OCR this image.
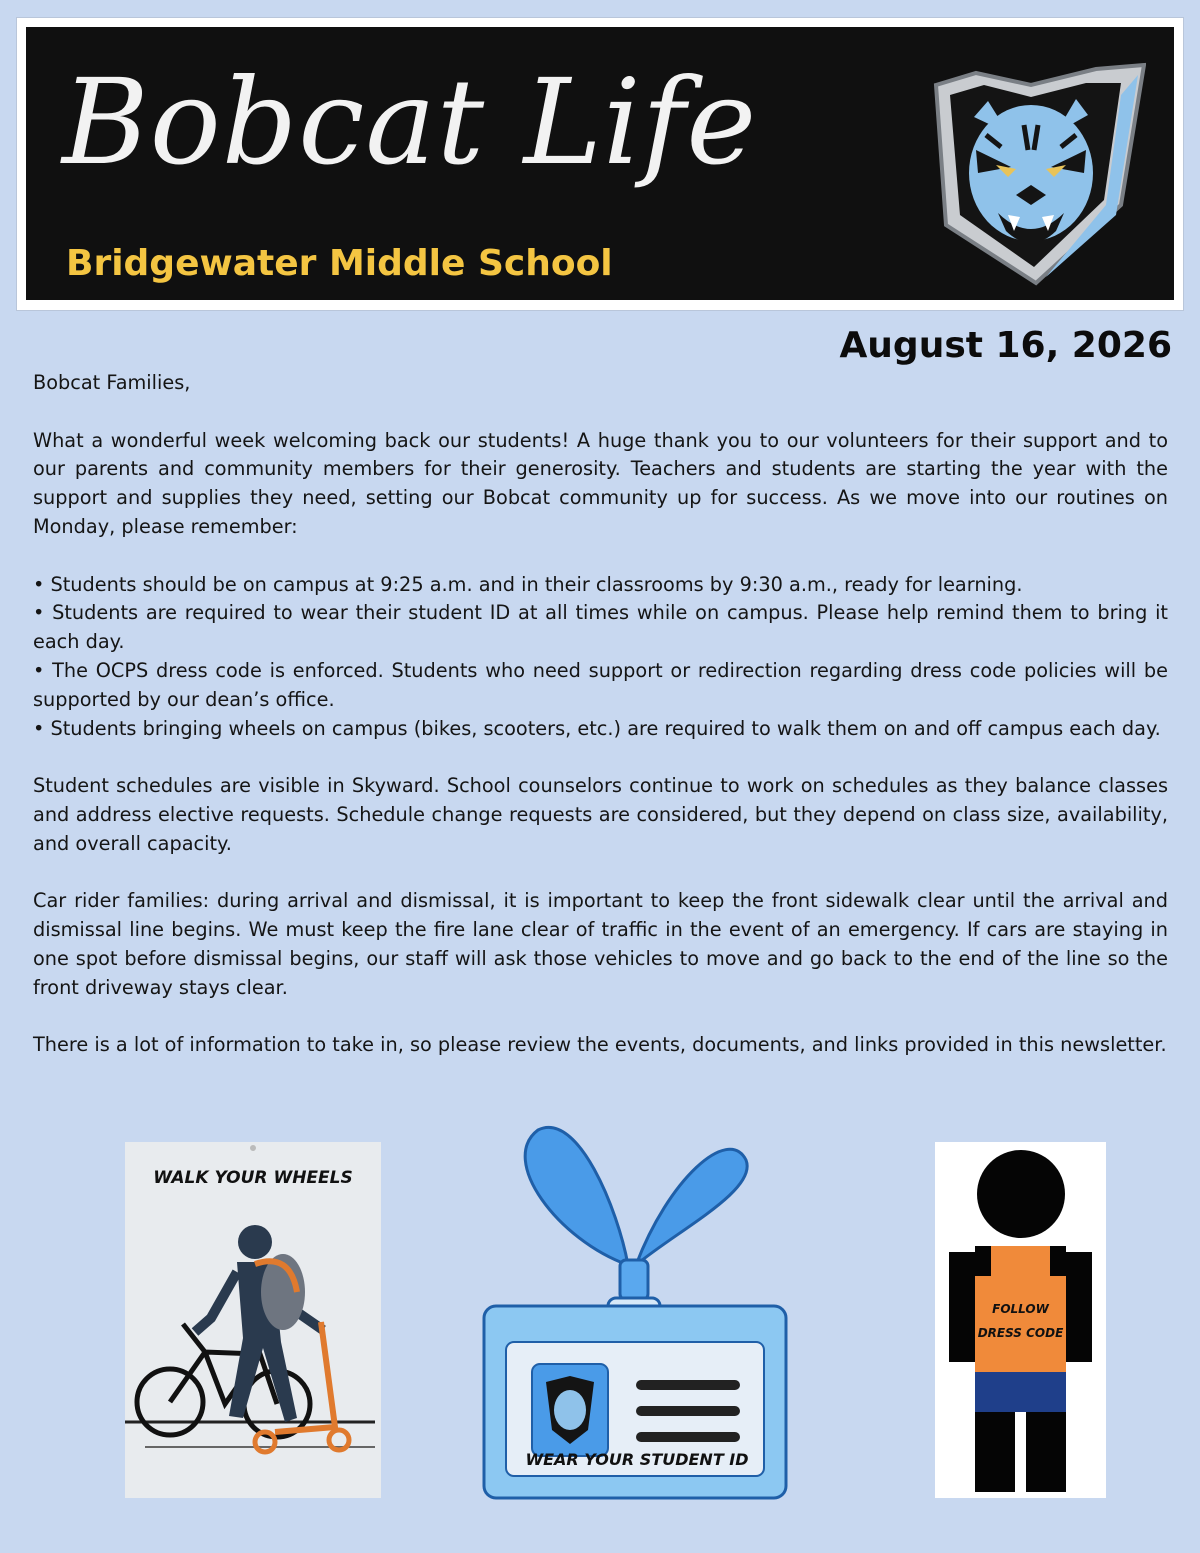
Bobcat Life
Bridgewater Middle School
August 16, 2026

Bobcat Families,

What a wonderful week welcoming back our students! A huge thank you to our volunteers for their support and to our parents and community members for their generosity. Teachers and students are starting the year with the support and supplies they need, setting our Bobcat community up for success. As we move into our routines on Monday, please remember:

• Students should be on campus at 9:25 a.m. and in their classrooms by 9:30 a.m., ready for learning.
• Students are required to wear their student ID at all times while on campus. Please help remind them to bring it each day.
• The OCPS dress code is enforced. Students who need support or redirection regarding dress code policies will be supported by our dean’s office.
• Students bringing wheels on campus (bikes, scooters, etc.) are required to walk them on and off campus each day.

Student schedules are visible in Skyward. School counselors continue to work on schedules as they balance classes and address elective requests. Schedule change requests are considered, but they depend on class size, availability, and overall capacity.

Car rider families: during arrival and dismissal, it is important to keep the front sidewalk clear until the arrival and dismissal line begins. We must keep the fire lane clear of traffic in the event of an emergency. If cars are staying in one spot before dismissal begins, our staff will ask those vehicles to move and go back to the end of the line so the front driveway stays clear.

There is a lot of information to take in, so please review the events, documents, and links provided in this newsletter.

WALK YOUR WHEELS
WEAR YOUR STUDENT ID
FOLLOW
DRESS CODE
